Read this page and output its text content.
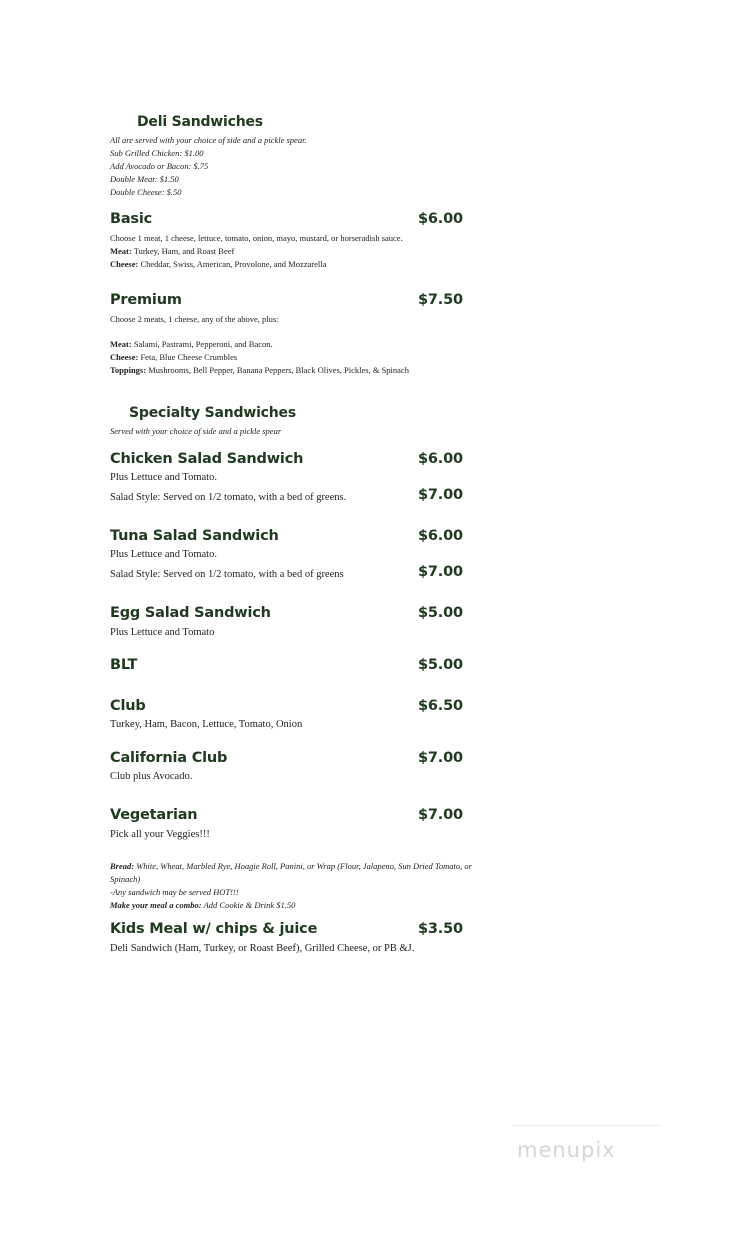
Deli Sandwiches
All are served with your choice of side and a pickle spear.
Sub Grilled Chicken: $1.00
Add Avocado or Bacon: $.75
Double Meat: $1.50
Double Cheese: $.50
Basic	$6.00
Choose 1 meat, 1 cheese, lettuce, tomato, onion, mayo, mustard, or horseradish sauce.
Meat: Turkey, Ham, and Roast Beef
Cheese: Cheddar, Swiss, American, Provolone, and Mozzarella
Premium	$7.50
Choose 2 meats, 1 cheese, any of the above, plus:
Meat: Salami, Pastrami, Pepperoni, and Bacon.
Cheese: Feta, Blue Cheese Crumbles
Toppings: Mushrooms, Bell Pepper, Banana Peppers, Black Olives, Pickles, & Spinach
Specialty Sandwiches
Served with your choice of side and a pickle spear
Chicken Salad Sandwich	$6.00
Plus Lettuce and Tomato.
Salad Style: Served on 1/2 tomato, with a bed of greens.	$7.00
Tuna Salad Sandwich	$6.00
Plus Lettuce and Tomato.
Salad Style: Served on 1/2 tomato, with a bed of greens	$7.00
Egg Salad Sandwich	$5.00
Plus Lettuce and Tomato
BLT	$5.00
Club	$6.50
Turkey, Ham, Bacon, Lettuce, Tomato, Onion
California Club	$7.00
Club plus Avocado.
Vegetarian	$7.00
Pick all your Veggies!!!
Bread: White, Wheat, Marbled Rye, Hoagie Roll, Panini, or Wrap (Flour, Jalapeno, Sun Dried Tomato, or Spinach)
-Any sandwich may be served HOT!!!
Make your meal a combo: Add Cookie & Drink $1.50
Kids Meal w/ chips & juice	$3.50
Deli Sandwich (Ham, Turkey, or Roast Beef), Grilled Cheese, or PB &J.
menupix
